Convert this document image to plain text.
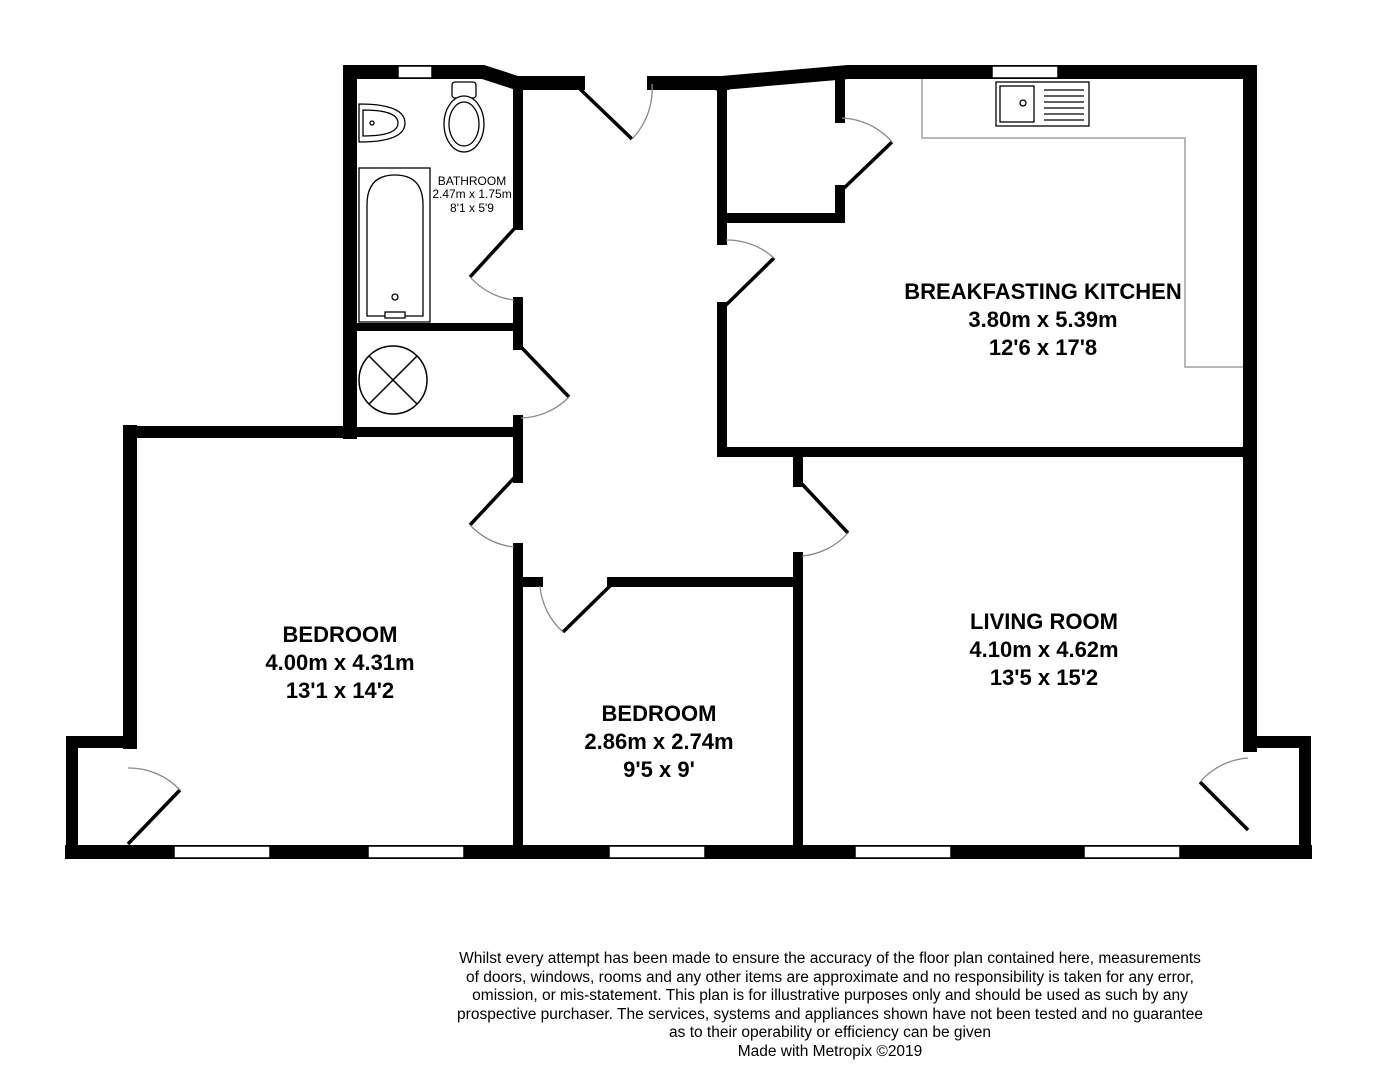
BATHROOM
2.47m x 1.75m
8'1 x 5'9
BREAKFASTING KITCHEN
3.80m x 5.39m
12'6 x 17'8
BEDROOM
4.00m x 4.31m
13'1 x 14'2
BEDROOM
2.86m x 2.74m
9'5 x 9'
LIVING ROOM
4.10m x 4.62m
13'5 x 15'2
Whilst every attempt has been made to ensure the accuracy of the floor plan contained here, measurements
of doors, windows, rooms and any other items are approximate and no responsibility is taken for any error,
omission, or mis-statement. This plan is for illustrative purposes only and should be used as such by any
prospective purchaser. The services, systems and appliances shown have not been tested and no guarantee
as to their operability or efficiency can be given
Made with Metropix ©2019
